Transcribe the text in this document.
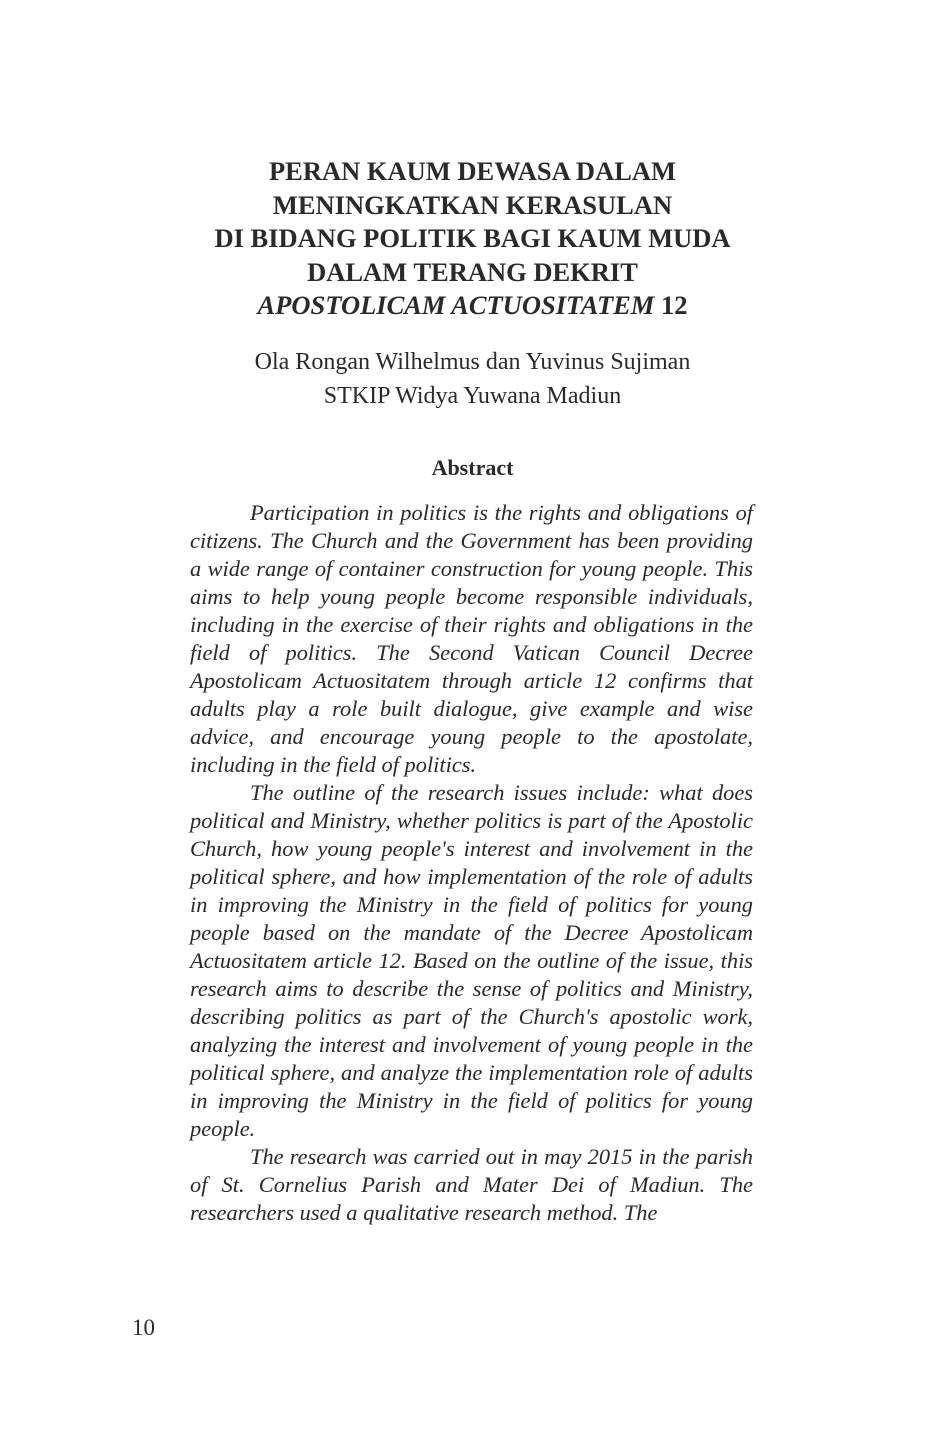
PERAN KAUM DEWASA DALAM
MENINGKATKAN KERASULAN
DI BIDANG POLITIK BAGI KAUM MUDA
DALAM TERANG DEKRIT
APOSTOLICAM ACTUOSITATEM 12
Ola Rongan Wilhelmus dan Yuvinus Sujiman
STKIP Widya Yuwana Madiun
Abstract

Participation in politics is the rights and obligations of citizens. The Church and the Government has been providing a wide range of container construction for young people. This aims to help young people become responsible individuals, including in the exercise of their rights and obligations in the field of politics. The Second Vatican Council Decree Apostolicam Actuositatem through article 12 confirms that adults play a role built dialogue, give example and wise advice, and encourage young people to the apostolate, including in the field of politics.

The outline of the research issues include: what does political and Ministry, whether politics is part of the Apostolic Church, how young people's interest and involvement in the political sphere, and how implementation of the role of adults in improving the Ministry in the field of politics for young people based on the mandate of the Decree Apostolicam Actuositatem article 12. Based on the outline of the issue, this research aims to describe the sense of politics and Ministry, describing politics as part of the Church's apostolic work, analyzing the interest and involvement of young people in the political sphere, and analyze the implementation role of adults in improving the Ministry in the field of politics for young people.

The research was carried out in may 2015 in the parish of St. Cornelius Parish and Mater Dei of Madiun. The researchers used a qualitative research method. The

10
